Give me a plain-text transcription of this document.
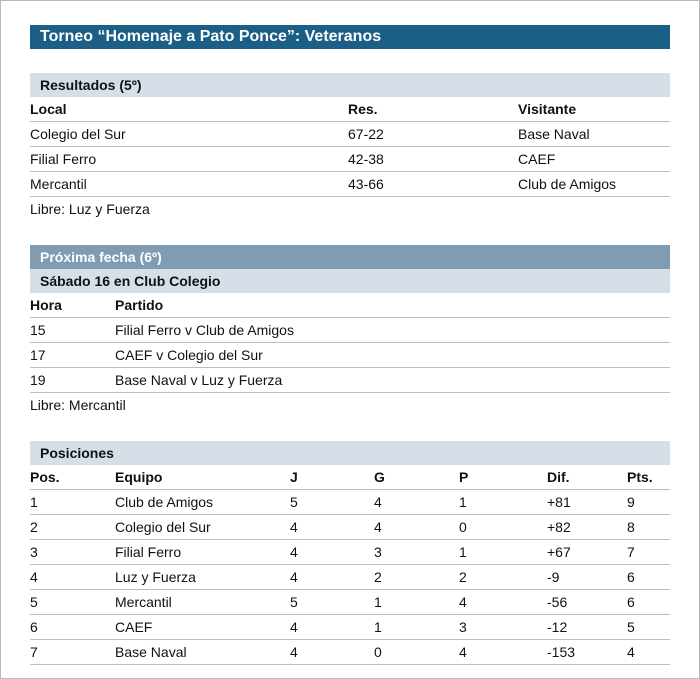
Torneo “Homenaje a Pato Ponce”: Veteranos
Resultados (5º)
Local	Res.	Visitante
Colegio del Sur	67-22	Base Naval
Filial Ferro	42-38	CAEF
Mercantil	43-66	Club de Amigos
Libre: Luz y Fuerza
Próxima fecha (6º)
Sábado 16 en Club Colegio
Hora	Partido
15	Filial Ferro v Club de Amigos
17	CAEF v Colegio del Sur
19	Base Naval v Luz y Fuerza
Libre: Mercantil
Posiciones
Pos.	Equipo	J	G	P	Dif.	Pts.
1	Club de Amigos	5	4	1	+81	9
2	Colegio del Sur	4	4	0	+82	8
3	Filial Ferro	4	3	1	+67	7
4	Luz y Fuerza	4	2	2	-9	6
5	Mercantil	5	1	4	-56	6
6	CAEF	4	1	3	-12	5
7	Base Naval	4	0	4	-153	4
